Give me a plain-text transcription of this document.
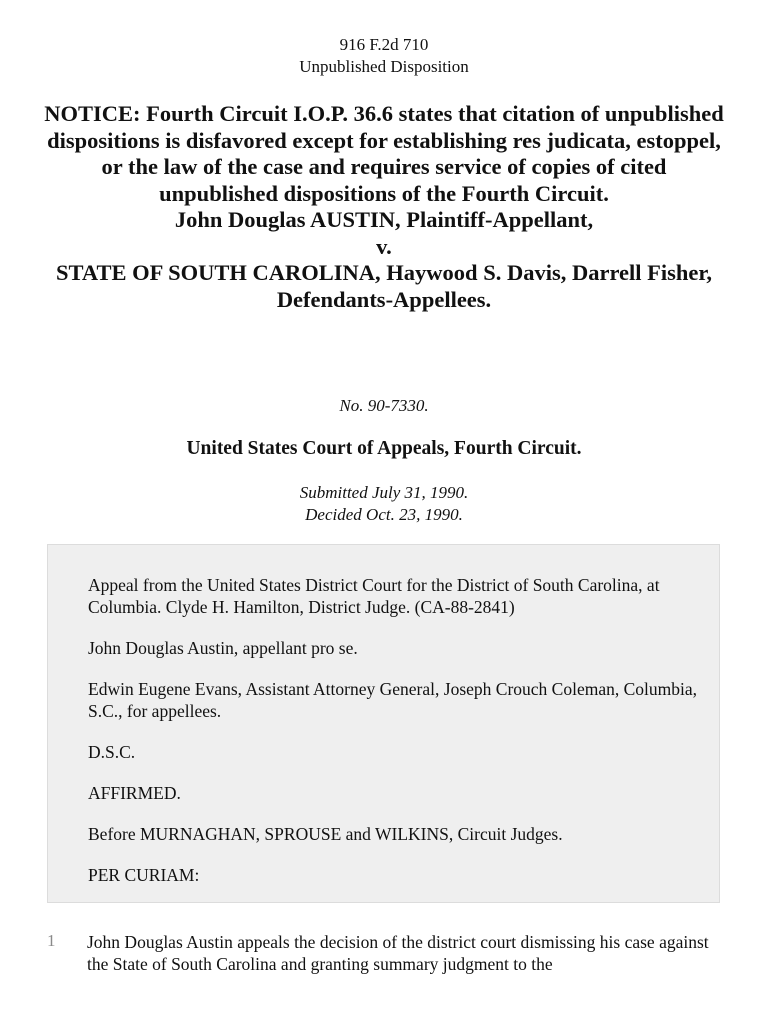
916 F.2d 710
Unpublished Disposition
NOTICE: Fourth Circuit I.O.P. 36.6 states that citation of unpublished dispositions is disfavored except for establishing res judicata, estoppel, or the law of the case and requires service of copies of cited unpublished dispositions of the Fourth Circuit.
John Douglas AUSTIN, Plaintiff-Appellant,
v.
STATE OF SOUTH CAROLINA, Haywood S. Davis, Darrell Fisher,
Defendants-Appellees.
No. 90-7330.
United States Court of Appeals, Fourth Circuit.
Submitted July 31, 1990.
Decided Oct. 23, 1990.
Appeal from the United States District Court for the District of South Carolina, at Columbia. Clyde H. Hamilton, District Judge. (CA-88-2841)
John Douglas Austin, appellant pro se.
Edwin Eugene Evans, Assistant Attorney General, Joseph Crouch Coleman, Columbia, S.C., for appellees.
D.S.C.
AFFIRMED.
Before MURNAGHAN, SPROUSE and WILKINS, Circuit Judges.
PER CURIAM:
1 John Douglas Austin appeals the decision of the district court dismissing his case against the State of South Carolina and granting summary judgment to the
